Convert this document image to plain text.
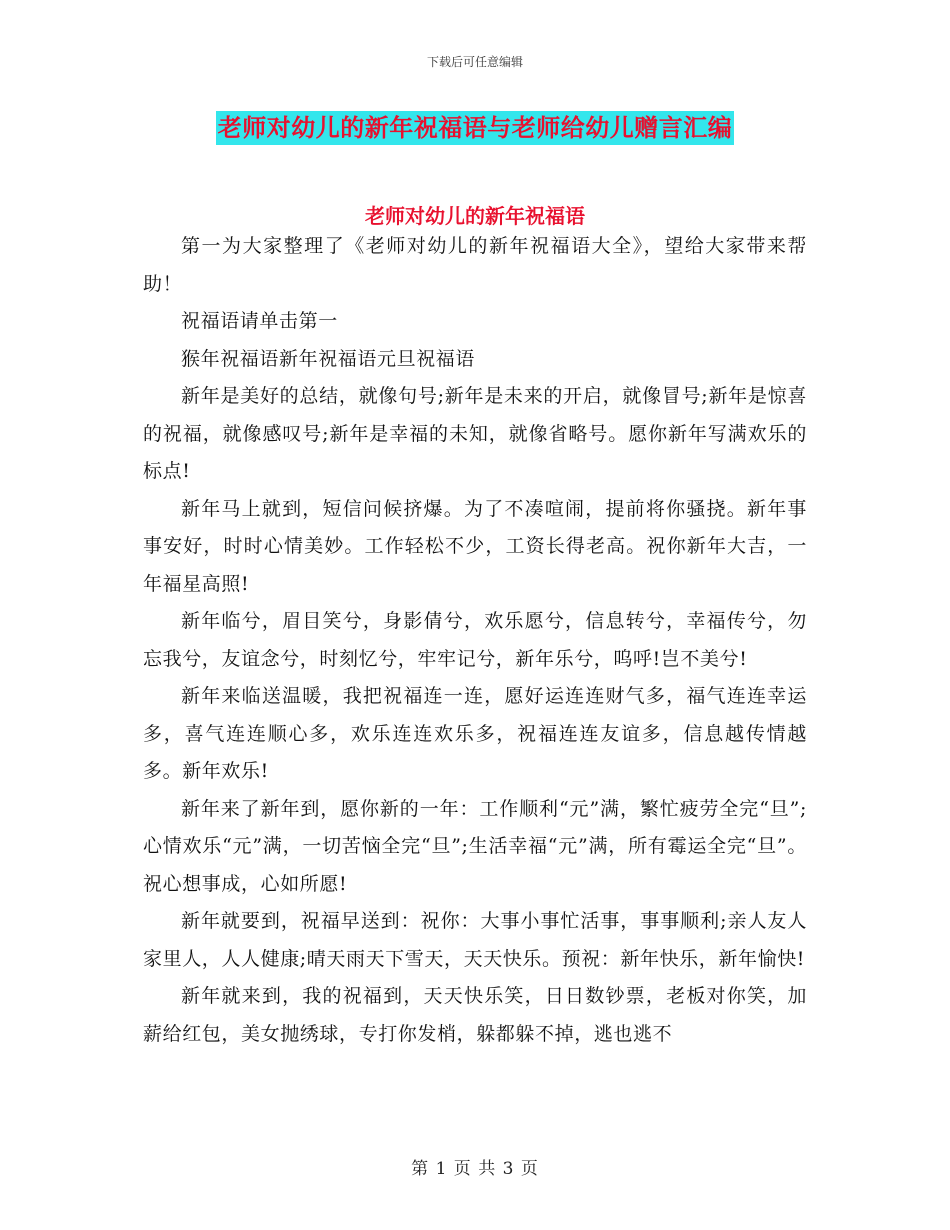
下载后可任意编辑
老师对幼儿的新年祝福语与老师给幼儿赠言汇编
老师对幼儿的新年祝福语

第一为大家整理了《老师对幼儿的新年祝福语大全》，望给大家带来帮助！

祝福语请单击第一

猴年祝福语新年祝福语元旦祝福语

新年是美好的总结，就像句号;新年是未来的开启，就像冒号;新年是惊喜的祝福，就像感叹号;新年是幸福的未知，就像省略号。愿你新年写满欢乐的标点!

新年马上就到，短信问候挤爆。为了不凑喧闹，提前将你骚挠。新年事事安好，时时心情美妙。工作轻松不少，工资长得老高。祝你新年大吉，一年福星高照!

新年临兮，眉目笑兮，身影倩兮，欢乐愿兮，信息转兮，幸福传兮，勿忘我兮，友谊念兮，时刻忆兮，牢牢记兮，新年乐兮，呜呼!岂不美兮!

新年来临送温暖，我把祝福连一连，愿好运连连财气多，福气连连幸运多，喜气连连顺心多，欢乐连连欢乐多，祝福连连友谊多，信息越传情越多。新年欢乐!

新年来了新年到，愿你新的一年：工作顺利“元”满，繁忙疲劳全完“旦”;心情欢乐“元”满，一切苦恼全完“旦”;生活幸福“元”满，所有霉运全完“旦”。祝心想事成，心如所愿!

新年就要到，祝福早送到：祝你：大事小事忙活事，事事顺利;亲人友人家里人，人人健康;晴天雨天下雪天，天天快乐。预祝：新年快乐，新年愉快!

新年就来到，我的祝福到，天天快乐笑，日日数钞票，老板对你笑，加薪给红包，美女抛绣球，专打你发梢，躲都躲不掉，逃也逃不

第 1 页 共 3 页
